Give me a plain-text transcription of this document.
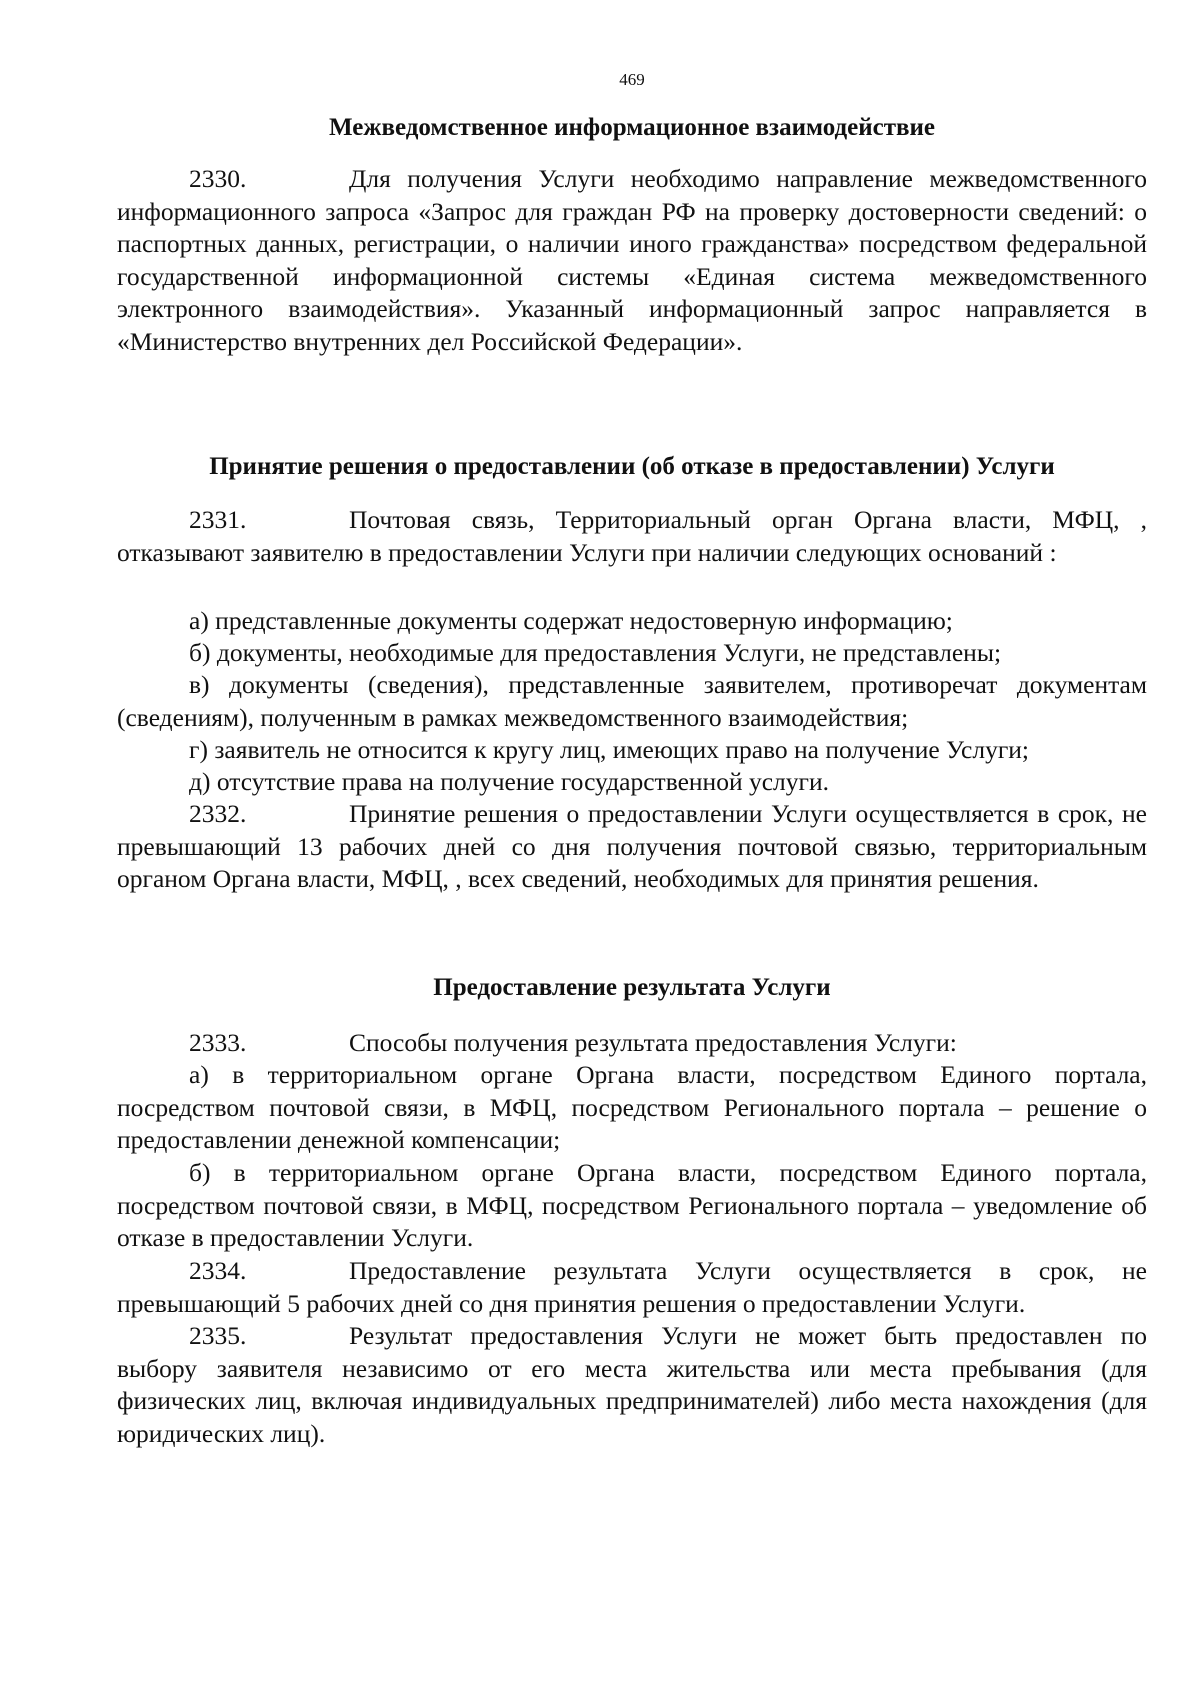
469
Межведомственное информационное взаимодействие
2330.	Для получения Услуги необходимо направление межведомственного информационного запроса «Запрос для граждан РФ на проверку достоверности сведений: о паспортных данных, регистрации, о наличии иного гражданства» посредством федеральной государственной информационной системы «Единая система межведомственного электронного взаимодействия». Указанный информационный запрос направляется в «Министерство внутренних дел Российской Федерации».
Принятие решения о предоставлении (об отказе в предоставлении) Услуги
2331.	Почтовая связь, Территориальный орган Органа власти, МФЦ, , отказывают заявителю в предоставлении Услуги при наличии следующих оснований :
а) представленные документы содержат недостоверную информацию;
б) документы, необходимые для предоставления Услуги, не представлены;
в) документы (сведения), представленные заявителем, противоречат документам (сведениям), полученным в рамках межведомственного взаимодействия;
г) заявитель не относится к кругу лиц, имеющих право на получение Услуги;
д) отсутствие права на получение государственной услуги.
2332.	Принятие решения о предоставлении Услуги осуществляется в срок, не превышающий 13 рабочих дней со дня получения почтовой связью, территориальным органом Органа власти, МФЦ, , всех сведений, необходимых для принятия решения.
Предоставление результата Услуги
2333.	Способы получения результата предоставления Услуги:
а) в территориальном органе Органа власти, посредством Единого портала, посредством почтовой связи, в МФЦ, посредством Регионального портала – решение о предоставлении денежной компенсации;
б) в территориальном органе Органа власти, посредством Единого портала, посредством почтовой связи, в МФЦ, посредством Регионального портала – уведомление об отказе в предоставлении Услуги.
2334.	Предоставление результата Услуги осуществляется в срок, не превышающий 5 рабочих дней со дня принятия решения о предоставлении Услуги.
2335.	Результат предоставления Услуги не может быть предоставлен по выбору заявителя независимо от его места жительства или места пребывания (для физических лиц, включая индивидуальных предпринимателей) либо места нахождения (для юридических лиц).
